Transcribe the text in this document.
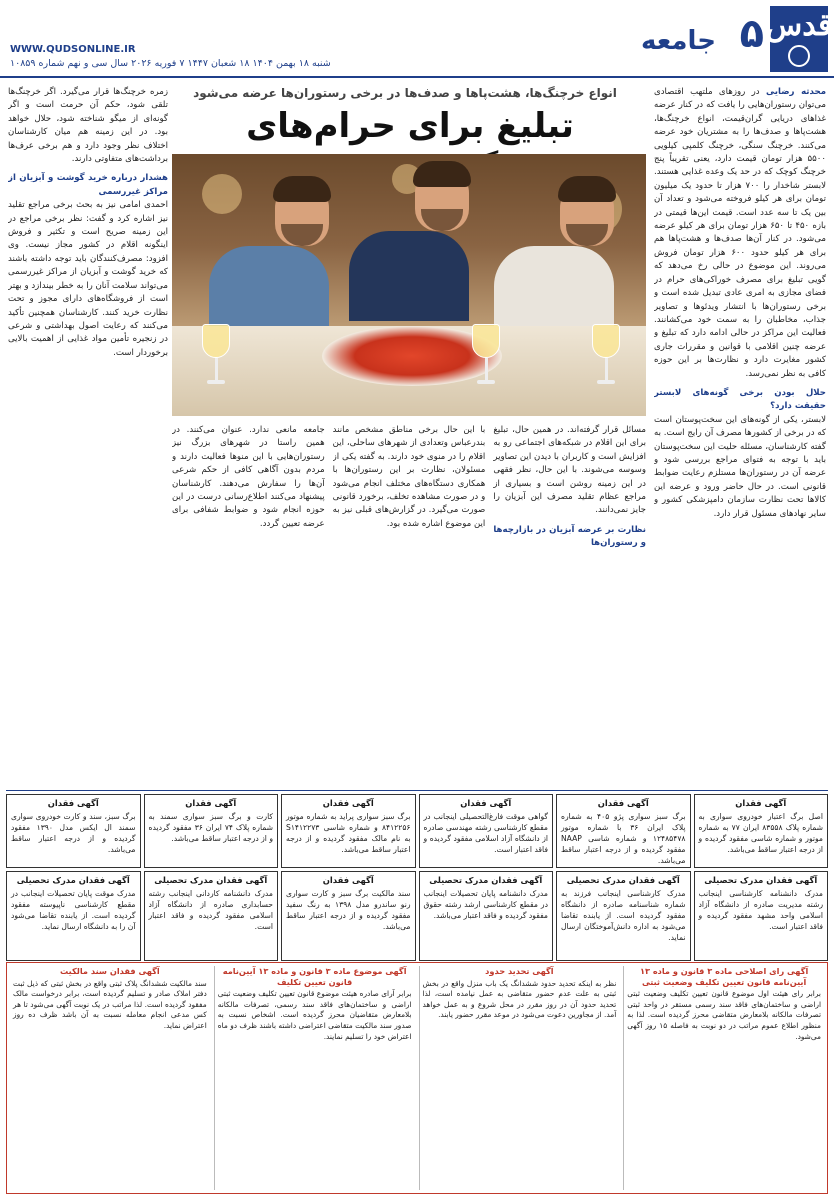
قدس
۵
جامعه
WWW.QUDSONLINE.IR
شنبه ۱۸ بهمن ۱۴۰۴ ۱۸ شعبان ۱۴۴۷ ۷ فوریه ۲۰۲۶ سال سی و نهم شماره ۱۰۸۵۹
انواع خرچنگ‌ها، هشت‌پاها و صدف‌ها در برخی رستوران‌ها عرضه می‌شود
تبلیغ برای حرام‌های
محدثه رضایی در روزهای ملتهب اقتصادی می‌توان رستوران‌هایی را یافت که در کنار عرضه غذاهای دریایی گران‌قیمت، انواع خرچنگ‌ها، هشت‌پاها و صدف‌ها را به مشتریان خود عرضه می‌کنند. خرچنگ سنگی، خرچنگ کلمپی کیلویی ۵۵۰۰ هزار تومان قیمت دارد، یعنی تقریباً پنج خرچنگ کوچک که در حد یک وعده غذایی هستند. لابستر شاخدار را ۷۰۰ هزار تا حدود یک میلیون تومان برای هر کیلو فروخته می‌شود و تعداد آن بین یک تا سه عدد است. قیمت این‌ها قیمتی در بازه ۴۵۰ تا ۶۵۰ هزار تومان برای هر کیلو عرضه می‌شود. در کنار آن‌ها صدف‌ها و هشت‌پاها هم برای هر کیلو حدود ۶۰۰ هزار تومان فروش می‌روند. این موضوع در حالی رخ می‌دهد که گویی تبلیغ برای مصرف خوراکی‌های حرام در فضای مجازی به امری عادی تبدیل شده است و برخی رستوران‌ها با انتشار ویدئوها و تصاویر جذاب، مخاطبان را به سمت خود می‌کشانند. فعالیت این مراکز در حالی ادامه دارد که تبلیغ و عرضه چنین اقلامی با قوانین و مقررات جاری کشور مغایرت دارد و نظارت‌ها بر این حوزه کافی به نظر نمی‌رسد.
حلال بودن برخی گونه‌های لابستر حقیقت دارد؟
لابستر، یکی از گونه‌های این سخت‌پوستان است که در برخی از کشورها مصرف آن رایج است. به گفته کارشناسان، مسئله حلیت این سخت‌پوستان باید با توجه به فتوای مراجع بررسی شود و عرضه آن در رستوران‌ها مستلزم رعایت ضوابط قانونی است. در حال حاضر ورود و عرضه این کالاها تحت نظارت سازمان دامپزشکی کشور و سایر نهادهای مسئول قرار دارد.
زمره خرچنگ‌ها قرار می‌گیرد. اگر خرچنگ‌ها تلقی شود، حکم آن حرمت است و اگر گونه‌ای از میگو شناخته شود، حلال خواهد بود. در این زمینه هم میان کارشناسان اختلاف نظر وجود دارد و هم برخی عرف‌ها برداشت‌های متفاوتی دارند.
هشدار درباره خرید گوشت و آبزیان از مراکز غیررسمی
احمدی امامی نیز به بحث برخی مراجع تقلید نیز اشاره کرد و گفت: نظر برخی مراجع در این زمینه صریح است و تکثیر و فروش اینگونه اقلام در کشور مجاز نیست. وی افزود: مصرف‌کنندگان باید توجه داشته باشند که خرید گوشت و آبزیان از مراکز غیررسمی می‌تواند سلامت آنان را به خطر بیندازد و بهتر است از فروشگاه‌های دارای مجوز و تحت نظارت خرید کنند. کارشناسان همچنین تأکید می‌کنند که رعایت اصول بهداشتی و شرعی در زنجیره تأمین مواد غذایی از اهمیت بالایی برخوردار است.
مسائل قرار گرفته‌اند. در همین حال، تبلیغ برای این اقلام در شبکه‌های اجتماعی رو به افزایش است و کاربران با دیدن این تصاویر وسوسه می‌شوند. با این حال، نظر فقهی در این زمینه روشن است و بسیاری از مراجع عظام تقلید مصرف این آبزیان را جایز نمی‌دانند.
نظارت بر عرضه آبزیان در بازارچه‌ها و رستوران‌ها
با این حال برخی مناطق مشخص مانند بندرعباس وتعدادی از شهرهای ساحلی، این اقلام را در منوی خود دارند. به گفته یکی از مسئولان، نظارت بر این رستوران‌ها با همکاری دستگاه‌های مختلف انجام می‌شود و در صورت مشاهده تخلف، برخورد قانونی صورت می‌گیرد. در گزارش‌های قبلی نیز به این موضوع اشاره شده بود.
جامعه مانعی ندارد. عنوان می‌کنند. در همین راستا در شهرهای بزرگ نیز رستوران‌هایی با این منوها فعالیت دارند و مردم بدون آگاهی کافی از حکم شرعی آن‌ها را سفارش می‌دهند. کارشناسان پیشنهاد می‌کنند اطلاع‌رسانی درست در این حوزه انجام شود و ضوابط شفافی برای عرضه تعیین گردد.
آگهی فقدان
اصل برگ اعتبار خودروی سواری به شماره پلاک ۸۳۵۵۸ ایران ۷۷ به شماره موتور و شماره شاسی مفقود گردیده و از درجه اعتبار ساقط می‌باشد.
آگهی فقدان
برگ سبز سواری پژو ۴۰۵ به شماره پلاک ایران ۳۶ با شماره موتور ۱۲۴۸۵۴۷۸ و شماره شاسی NAAP مفقود گردیده و از درجه اعتبار ساقط می‌باشد.
آگهی فقدان
گواهی موقت فارغ‌التحصیلی اینجانب در مقطع کارشناسی رشته مهندسی صادره از دانشگاه آزاد اسلامی مفقود گردیده و فاقد اعتبار است.
آگهی فقدان
برگ سبز سواری پراید به شماره موتور ۸۴۱۲۲۵۶ و شماره شاسی S۱۴۱۲۲۷۳ به نام مالک مفقود گردیده و از درجه اعتبار ساقط می‌باشد.
آگهی فقدان
کارت و برگ سبز سواری سمند به شماره پلاک ۷۴ ایران ۳۶ مفقود گردیده و از درجه اعتبار ساقط می‌باشد.
آگهی فقدان
برگ سبز، سند و کارت خودروی سواری سمند ال ایکس مدل ۱۳۹۰ مفقود گردیده و از درجه اعتبار ساقط می‌باشد.
آگهی فقدان مدرک تحصیلی
مدرک دانشنامه کارشناسی اینجانب رشته مدیریت صادره از دانشگاه آزاد اسلامی واحد مشهد مفقود گردیده و فاقد اعتبار است.
آگهی فقدان مدرک تحصیلی
مدرک کارشناسی اینجانب فرزند به شماره شناسنامه صادره از دانشگاه مفقود گردیده است. از یابنده تقاضا می‌شود به اداره دانش‌آموختگان ارسال نماید.
آگهی فقدان مدرک تحصیلی
مدرک دانشنامه پایان تحصیلات اینجانب در مقطع کارشناسی ارشد رشته حقوق مفقود گردیده و فاقد اعتبار می‌باشد.
آگهی فقدان
سند مالکیت برگ سبز و کارت سواری رنو ساندرو مدل ۱۳۹۸ به رنگ سفید مفقود گردیده و از درجه اعتبار ساقط می‌باشد.
آگهی فقدان مدرک تحصیلی
مدرک دانشنامه کاردانی اینجانب رشته حسابداری صادره از دانشگاه آزاد اسلامی مفقود گردیده و فاقد اعتبار است.
آگهی فقدان مدرک تحصیلی
مدرک موقت پایان تحصیلات اینجانب در مقطع کارشناسی ناپیوسته مفقود گردیده است. از یابنده تقاضا می‌شود آن را به دانشگاه ارسال نماید.
آگهی رای اصلاحی ماده ۳ قانون و ماده ۱۳ آیین‌نامه قانون تعیین تکلیف وضعیت ثبتی
برابر رای هیئت اول موضوع قانون تعیین تکلیف وضعیت ثبتی اراضی و ساختمان‌های فاقد سند رسمی مستقر در واحد ثبتی تصرفات مالکانه بلامعارض متقاضی محرز گردیده است. لذا به منظور اطلاع عموم مراتب در دو نوبت به فاصله ۱۵ روز آگهی می‌شود.
آگهی تحدید حدود
نظر به اینکه تحدید حدود ششدانگ یک باب منزل واقع در بخش ثبتی به علت عدم حضور متقاضی به عمل نیامده است، لذا تحدید حدود آن در روز مقرر در محل شروع و به عمل خواهد آمد. از مجاورین دعوت می‌شود در موعد مقرر حضور یابند.
آگهی موضوع ماده ۳ قانون و ماده ۱۳ آیین‌نامه قانون تعیین تکلیف
برابر آرای صادره هیئت موضوع قانون تعیین تکلیف وضعیت ثبتی اراضی و ساختمان‌های فاقد سند رسمی، تصرفات مالکانه بلامعارض متقاضیان محرز گردیده است. اشخاص نسبت به صدور سند مالکیت متقاضی اعتراضی داشته باشند ظرف دو ماه اعتراض خود را تسلیم نمایند.
آگهی فقدان سند مالکیت
سند مالکیت ششدانگ پلاک ثبتی واقع در بخش ثبتی که ذیل ثبت دفتر املاک صادر و تسلیم گردیده است، برابر درخواست مالک مفقود گردیده است. لذا مراتب در یک نوبت آگهی می‌شود تا هر کس مدعی انجام معامله نسبت به آن باشد ظرف ده روز اعتراض نماید.
